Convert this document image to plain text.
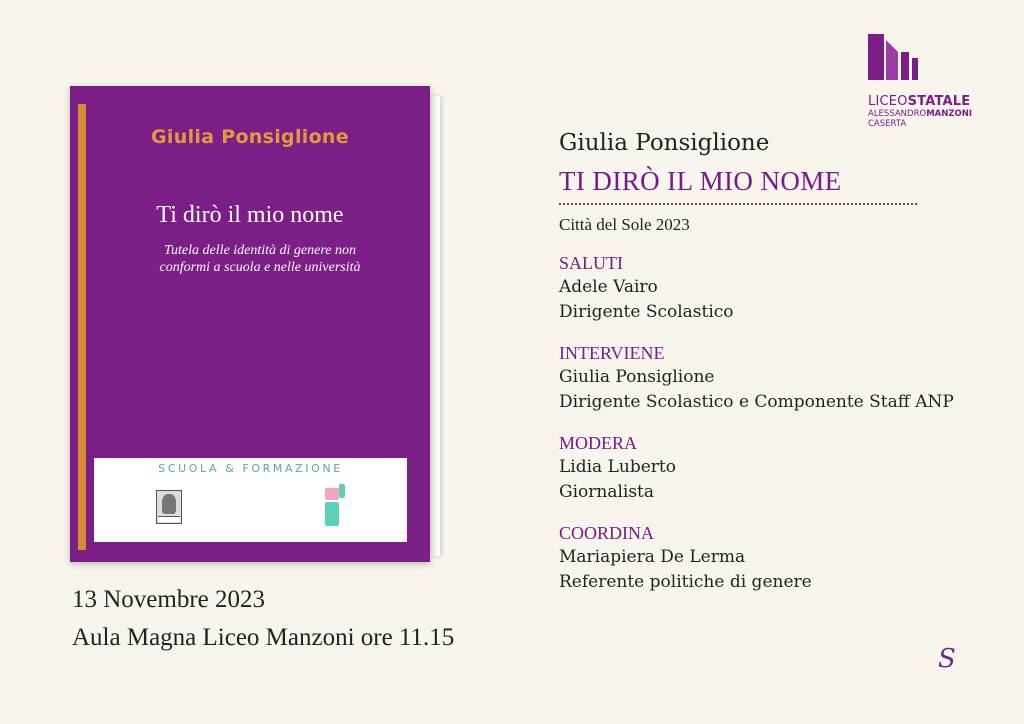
LICEOSTATALE
ALESSANDROMANZONI
CASERTA
Giulia Ponsiglione
Ti dirò il mio nome
Tutela delle identità di genere non
conformi a scuola e nelle università
SCUOLA & FORMAZIONE
13 Novembre 2023
Aula Magna Liceo Manzoni ore 11.15
Giulia Ponsiglione
TI DIRÒ IL MIO NOME
Città del Sole 2023
SALUTI
Adele Vairo
Dirigente Scolastico
INTERVIENE
Giulia Ponsiglione
Dirigente Scolastico e Componente Staff ANP
MODERA
Lidia Luberto
Giornalista
COORDINA
Mariapiera De Lerma
Referente politiche di genere
S
